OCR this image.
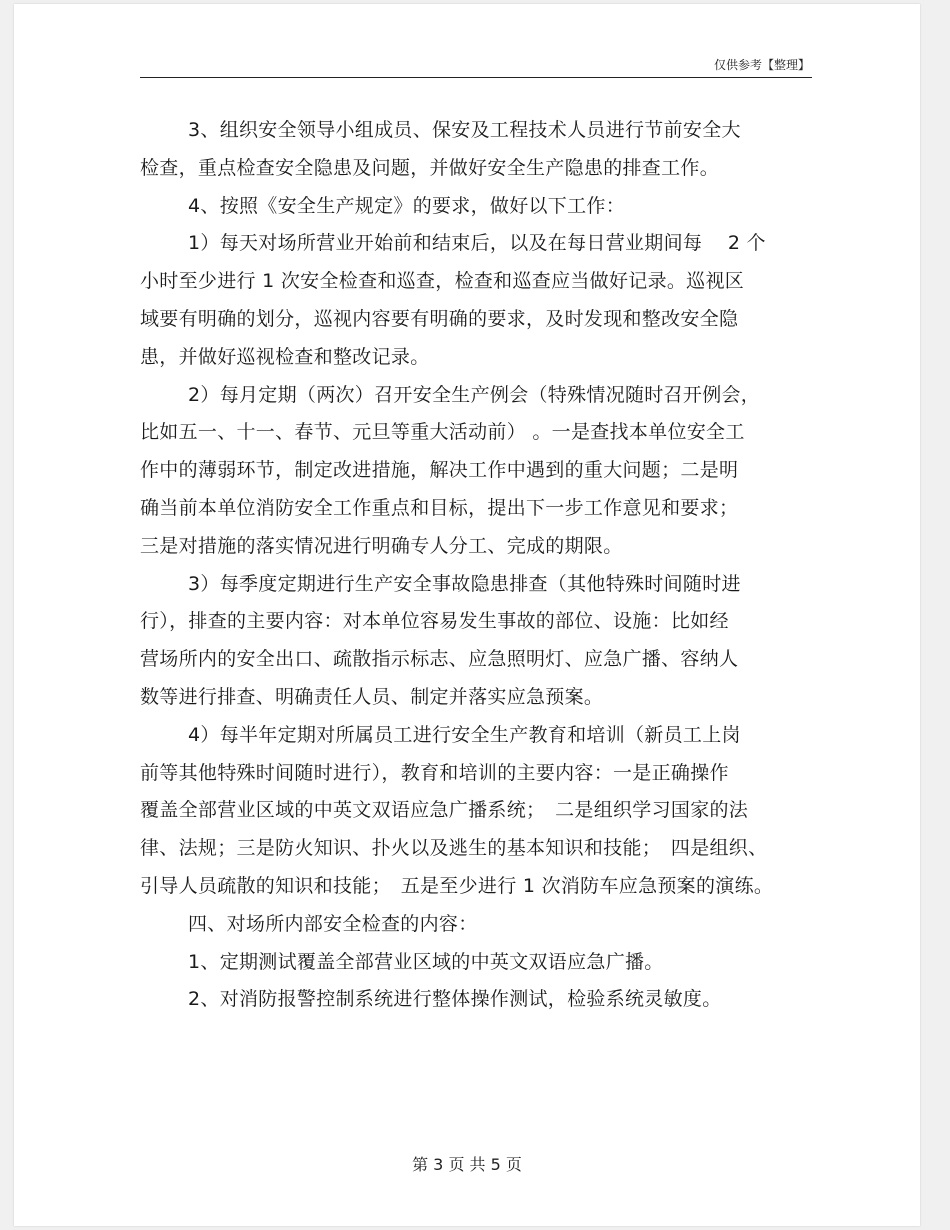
仅供参考【整理】
3、组织安全领导小组成员、保安及工程技术人员进行节前安全大
检查，重点检查安全隐患及问题，并做好安全生产隐患的排查工作。
4、按照《安全生产规定》的要求，做好以下工作：
1）每天对场所营业开始前和结束后，以及在每日营业期间每　 2 个
小时至少进行 1 次安全检查和巡查，检查和巡查应当做好记录。巡视区
域要有明确的划分，巡视内容要有明确的要求，及时发现和整改安全隐
患，并做好巡视检查和整改记录。
2）每月定期（两次）召开安全生产例会（特殊情况随时召开例会，
比如五一、十一、春节、元旦等重大活动前） 。一是查找本单位安全工
作中的薄弱环节，制定改进措施，解决工作中遇到的重大问题；二是明
确当前本单位消防安全工作重点和目标，提出下一步工作意见和要求；
三是对措施的落实情况进行明确专人分工、完成的期限。
3）每季度定期进行生产安全事故隐患排查（其他特殊时间随时进
行），排查的主要内容：对本单位容易发生事故的部位、设施：比如经
营场所内的安全出口、疏散指示标志、应急照明灯、应急广播、容纳人
数等进行排查、明确责任人员、制定并落实应急预案。
4）每半年定期对所属员工进行安全生产教育和培训（新员工上岗
前等其他特殊时间随时进行），教育和培训的主要内容：一是正确操作
覆盖全部营业区域的中英文双语应急广播系统；　二是组织学习国家的法
律、法规；三是防火知识、扑火以及逃生的基本知识和技能；　四是组织、
引导人员疏散的知识和技能；　五是至少进行 1 次消防车应急预案的演练。
四、对场所内部安全检查的内容：
1、定期测试覆盖全部营业区域的中英文双语应急广播。
2、对消防报警控制系统进行整体操作测试，检验系统灵敏度。
第 3 页 共 5 页
